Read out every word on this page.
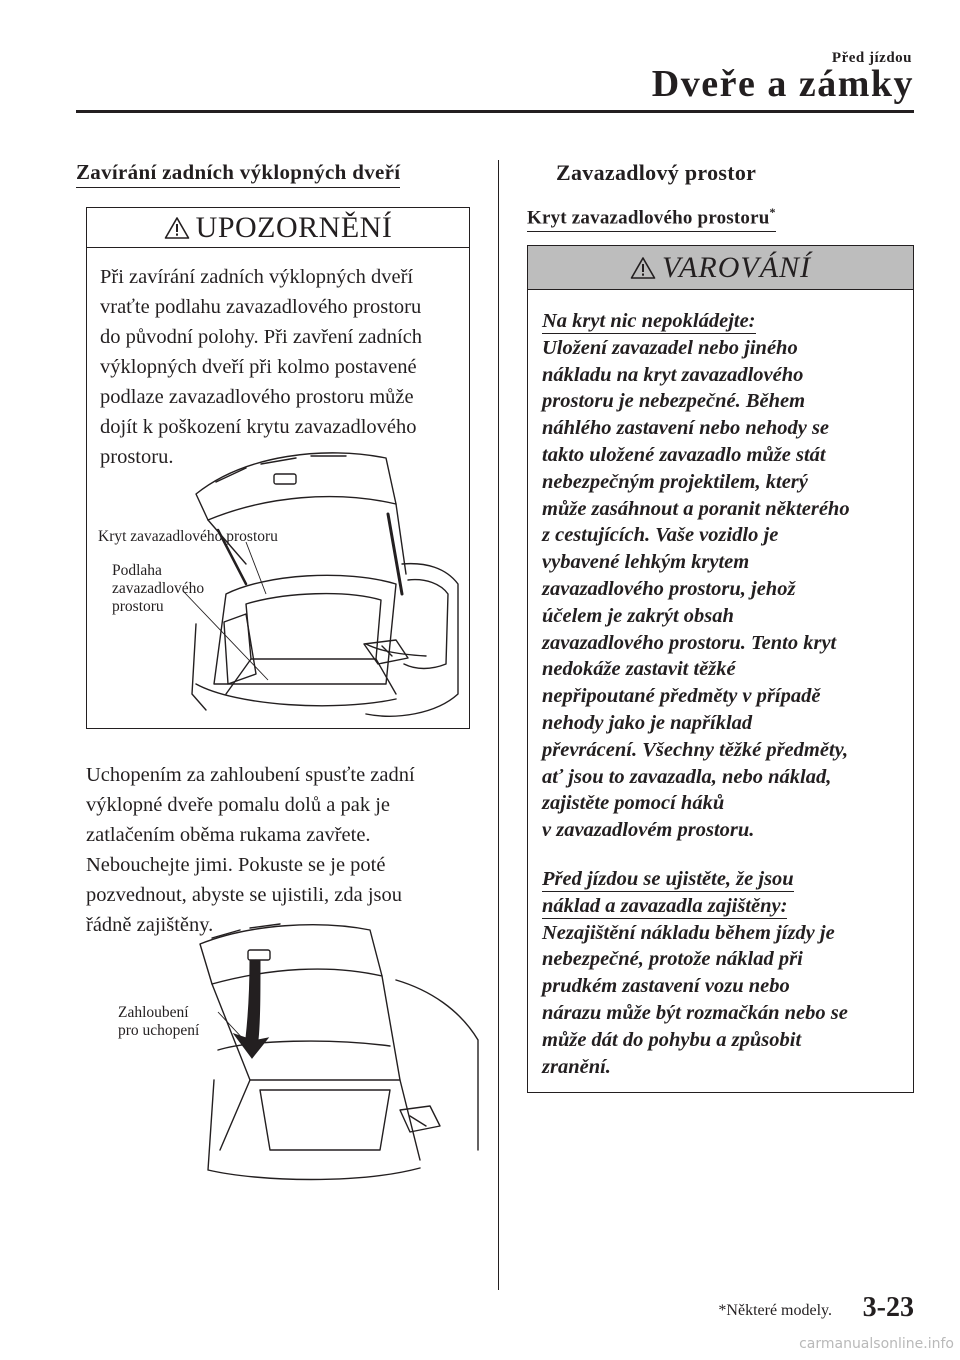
Před jízdou
Dveře a zámky
Zavírání zadních výklopných dveří
UPOZORNĚNÍ
Při zavírání zadních výklopných dveří
vraťte podlahu zavazadlového prostoru
do původní polohy. Při zavření zadních
výklopných dveří při kolmo postavené
podlaze zavazadlového prostoru může
dojít k poškození krytu zavazadlového
prostoru.
Kryt zavazadlového prostoru
Podlaha
zavazadlového
prostoru
Uchopením za zahloubení spusťte zadní
výklopné dveře pomalu dolů a pak je
zatlačením oběma rukama zavřete.
Nebouchejte jimi. Pokuste se je poté
pozvednout, abyste se ujistili, zda jsou
řádně zajištěny.
Zahloubení
pro uchopení
Zavazadlový prostor
Kryt zavazadlového prostoru*
VAROVÁNÍ

Na kryt nic nepokládejte:

Uložení zavazadel nebo jiného

nákladu na kryt zavazadlového

prostoru je nebezpečné. Během

náhlého zastavení nebo nehody se

takto uložené zavazadlo může stát

nebezpečným projektilem, který

může zasáhnout a poranit některého

z cestujících. Vaše vozidlo je

vybavené lehkým krytem

zavazadlového prostoru, jehož

účelem je zakrýt obsah

zavazadlového prostoru. Tento kryt

nedokáže zastavit těžké

nepřipoutané předměty v případě

nehody jako je například

převrácení. Všechny těžké předměty,

ať jsou to zavazadla, nebo náklad,

zajistěte pomocí háků

v zavazadlovém prostoru.

Před jízdou se ujistěte, že jsou

náklad a zavazadla zajištěny:

Nezajištění nákladu během jízdy je

nebezpečné, protože náklad při

prudkém zastavení vozu nebo

nárazu může být rozmačkán nebo se

může dát do pohybu a způsobit

zranění.

*Některé modely. 3-23
carmanualsonline.info
